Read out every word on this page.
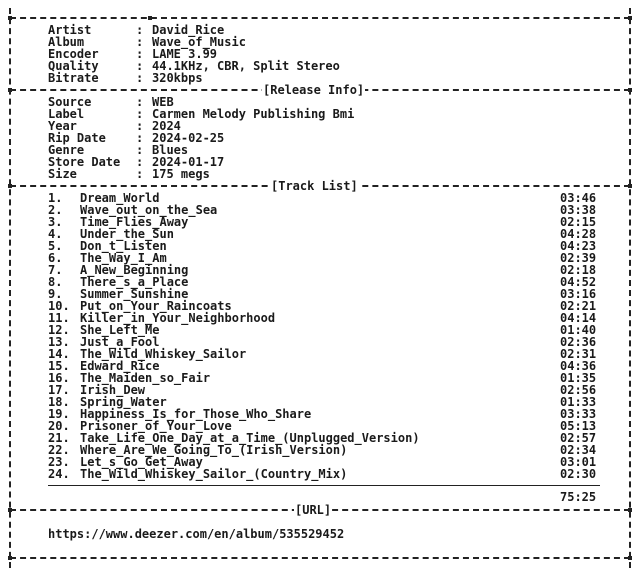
Artist	: David_Rice
Album	: Wave_of_Music
Encoder	: LAME 3.99
Quality	: 44.1KHz, CBR, Split Stereo
Bitrate	: 320kbps
[Release Info]
Source	: WEB
Label	: Carmen Melody Publishing Bmi
Year	: 2024
Rip Date	: 2024-02-25
Genre	: Blues
Store Date : 2024-01-17
Size	: 175 megs
[Track List]
1. Dream_World	03:46
2. Wave_out_on_the_Sea	03:38
3. Time_Flies_Away	02:15
4. Under_the_Sun	04:28
5. Don_t_Listen	04:23
6. The_Way_I_Am	02:39
7. A_New_Beginning	02:18
8. There_s_a_Place	04:52
9. Summer_Sunshine	03:16
10. Put_on_Your_Raincoats	02:21
11. Killer_in_Your_Neighborhood	04:14
12. She_Left_Me	01:40
13. Just_a_Fool	02:36
14. The_Wild_Whiskey_Sailor	02:31
15. Edward_Rice	04:36
16. The_Maiden_so_Fair	01:35
17. Irish_Dew	02:56
18. Spring_Water	01:33
19. Happiness_Is_for_Those_Who_Share	03:33
20. Prisoner_of_Your_Love	05:13
21. Take_Life_One_Day_at_a_Time_(Unplugged_Version)	02:57
22. Where_Are_We_Going_To_(Irish_Version)	02:34
23. Let_s_Go_Get_Away	03:01
24. The_Wild_Whiskey_Sailor_(Country_Mix)	02:30
75:25
[URL]
https://www.deezer.com/en/album/535529452
